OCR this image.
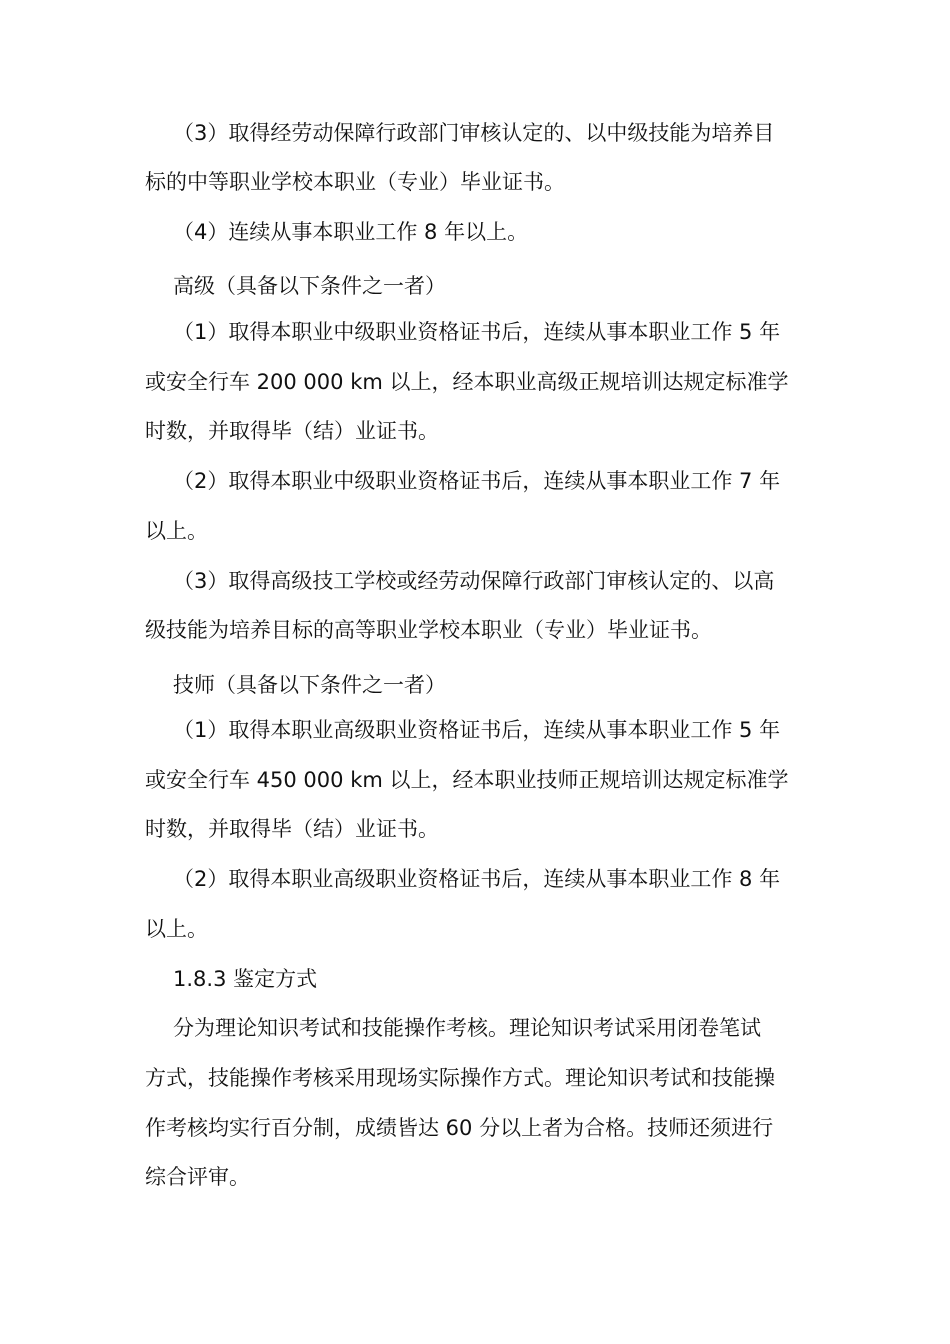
（3）取得经劳动保障行政部门审核认定的、以中级技能为培养目
标的中等职业学校本职业（专业）毕业证书。
（4）连续从事本职业工作 8 年以上。
高级（具备以下条件之一者）
（1）取得本职业中级职业资格证书后，连续从事本职业工作 5 年
或安全行车 200 000 km 以上，经本职业高级正规培训达规定标准学
时数，并取得毕（结）业证书。
（2）取得本职业中级职业资格证书后，连续从事本职业工作 7 年
以上。
（3）取得高级技工学校或经劳动保障行政部门审核认定的、以高
级技能为培养目标的高等职业学校本职业（专业）毕业证书。
技师（具备以下条件之一者）
（1）取得本职业高级职业资格证书后，连续从事本职业工作 5 年
或安全行车 450 000 km 以上，经本职业技师正规培训达规定标准学
时数，并取得毕（结）业证书。
（2）取得本职业高级职业资格证书后，连续从事本职业工作 8 年
以上。
1.8.3 鉴定方式
分为理论知识考试和技能操作考核。理论知识考试采用闭卷笔试
方式，技能操作考核采用现场实际操作方式。理论知识考试和技能操
作考核均实行百分制，成绩皆达 60 分以上者为合格。技师还须进行
综合评审。
